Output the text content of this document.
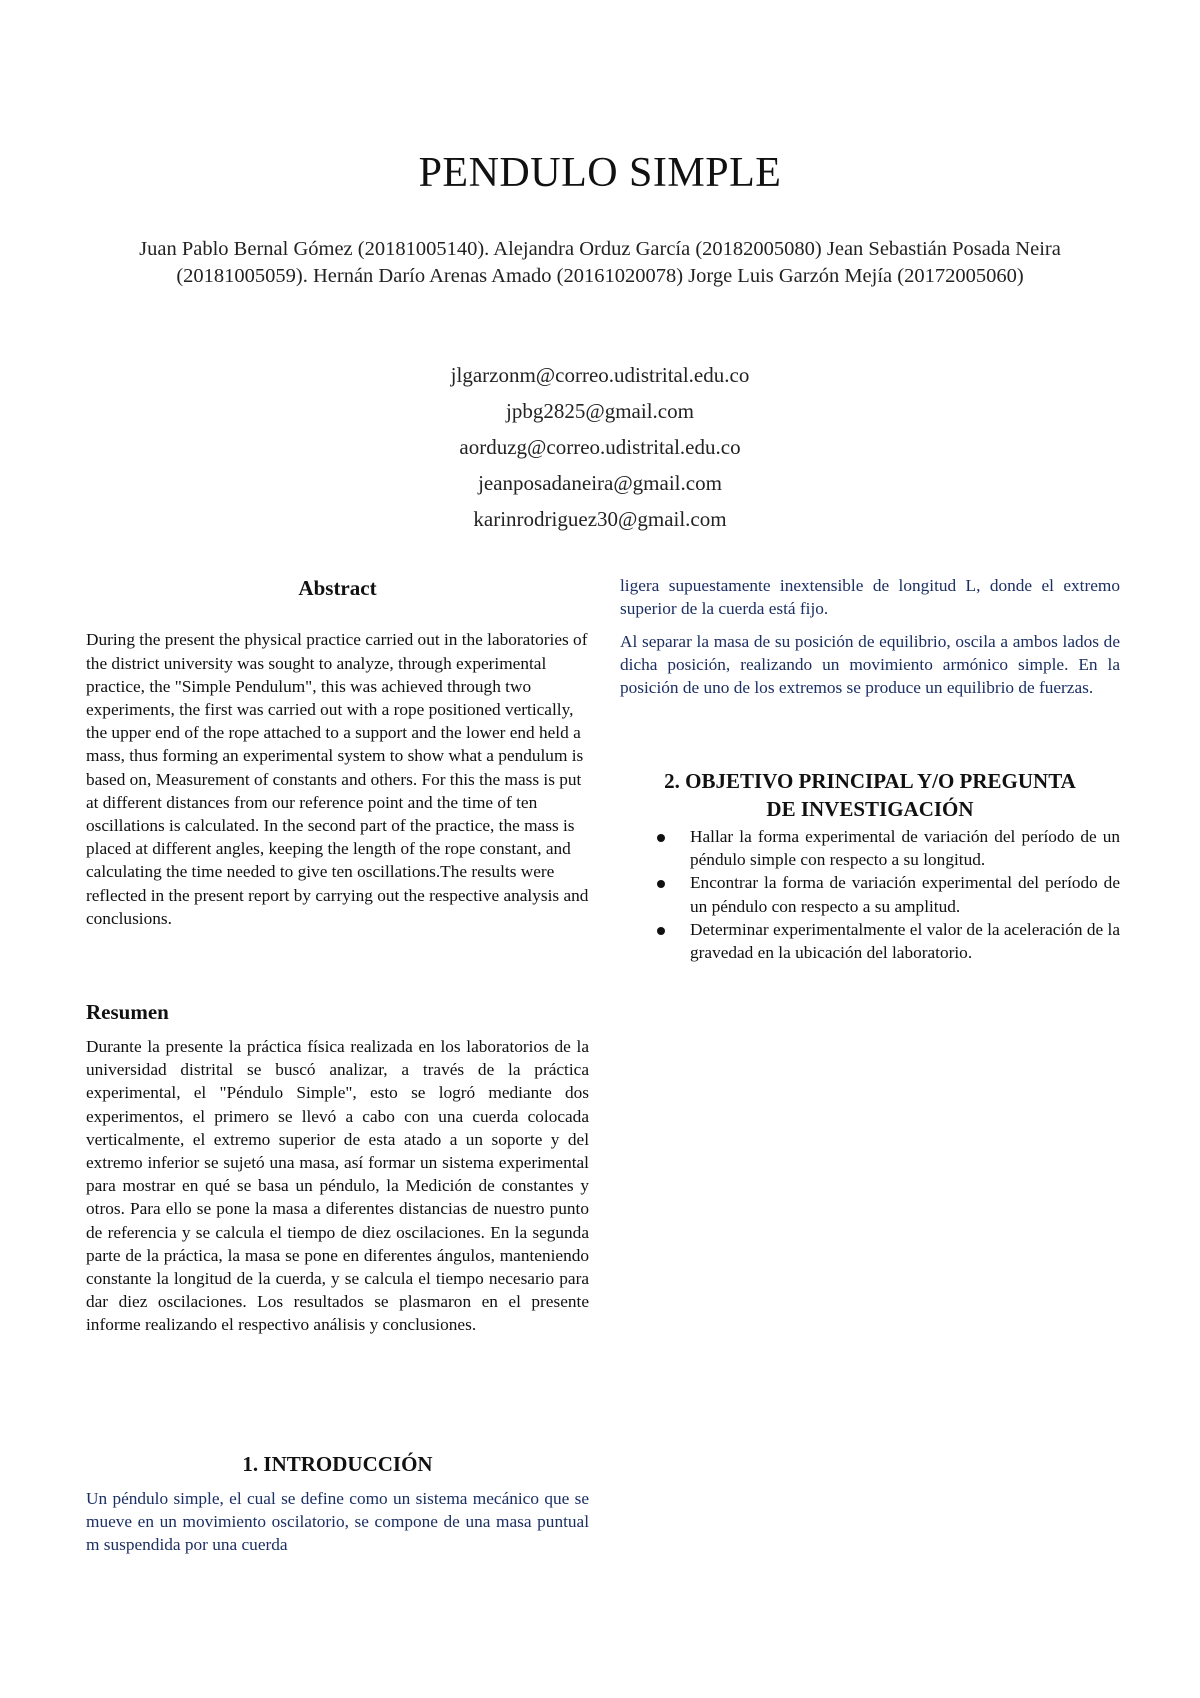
PENDULO SIMPLE
Juan Pablo Bernal Gómez (20181005140). Alejandra Orduz García (20182005080) Jean Sebastián Posada Neira (20181005059). Hernán Darío Arenas Amado (20161020078) Jorge Luis Garzón Mejía (20172005060)
jlgarzonm@correo.udistrital.edu.co
jpbg2825@gmail.com
aorduzg@correo.udistrital.edu.co
jeanposadaneira@gmail.com
karinrodriguez30@gmail.com
Abstract

During the present the physical practice carried out in the laboratories of the district university was sought to analyze, through experimental practice, the "Simple Pendulum", this was achieved through two experiments, the first was carried out with a rope positioned vertically, the upper end of the rope attached to a support and the lower end held a mass, thus forming an experimental system to show what a pendulum is based on, Measurement of constants and others. For this the mass is put at different distances from our reference point and the time of ten oscillations is calculated. In the second part of the practice, the mass is placed at different angles, keeping the length of the rope constant, and calculating the time needed to give ten oscillations.The results were reflected in the present report by carrying out the respective analysis and conclusions.

Resumen

Durante la presente la práctica física realizada en los laboratorios de la universidad distrital se buscó analizar, a través de la práctica experimental, el "Péndulo Simple", esto se logró mediante dos experimentos, el primero se llevó a cabo con una cuerda colocada verticalmente, el extremo superior de esta atado a un soporte y del extremo inferior se sujetó una masa, así formar un sistema experimental para mostrar en qué se basa un péndulo, la Medición de constantes y otros. Para ello se pone la masa a diferentes distancias de nuestro punto de referencia y se calcula el tiempo de diez oscilaciones. En la segunda parte de la práctica, la masa se pone en diferentes ángulos, manteniendo constante la longitud de la cuerda, y se calcula el tiempo necesario para dar diez oscilaciones. Los resultados se plasmaron en el presente informe realizando el respectivo análisis y conclusiones.

1. INTRODUCCIÓN

Un péndulo simple, el cual se define como un sistema mecánico que se mueve en un movimiento oscilatorio, se compone de una masa puntual m suspendida por una cuerda

ligera supuestamente inextensible de longitud L, donde el extremo superior de la cuerda está fijo.

Al separar la masa de su posición de equilibrio, oscila a ambos lados de dicha posición, realizando un movimiento armónico simple. En la posición de uno de los extremos se produce un equilibrio de fuerzas.

2. OBJETIVO PRINCIPAL Y/O PREGUNTA
DE INVESTIGACIÓN
Hallar la forma experimental de variación del período de un péndulo simple con respecto a su longitud.
Encontrar la forma de variación experimental del período de un péndulo con respecto a su amplitud.
Determinar experimentalmente el valor de la aceleración de la gravedad en la ubicación del laboratorio.
